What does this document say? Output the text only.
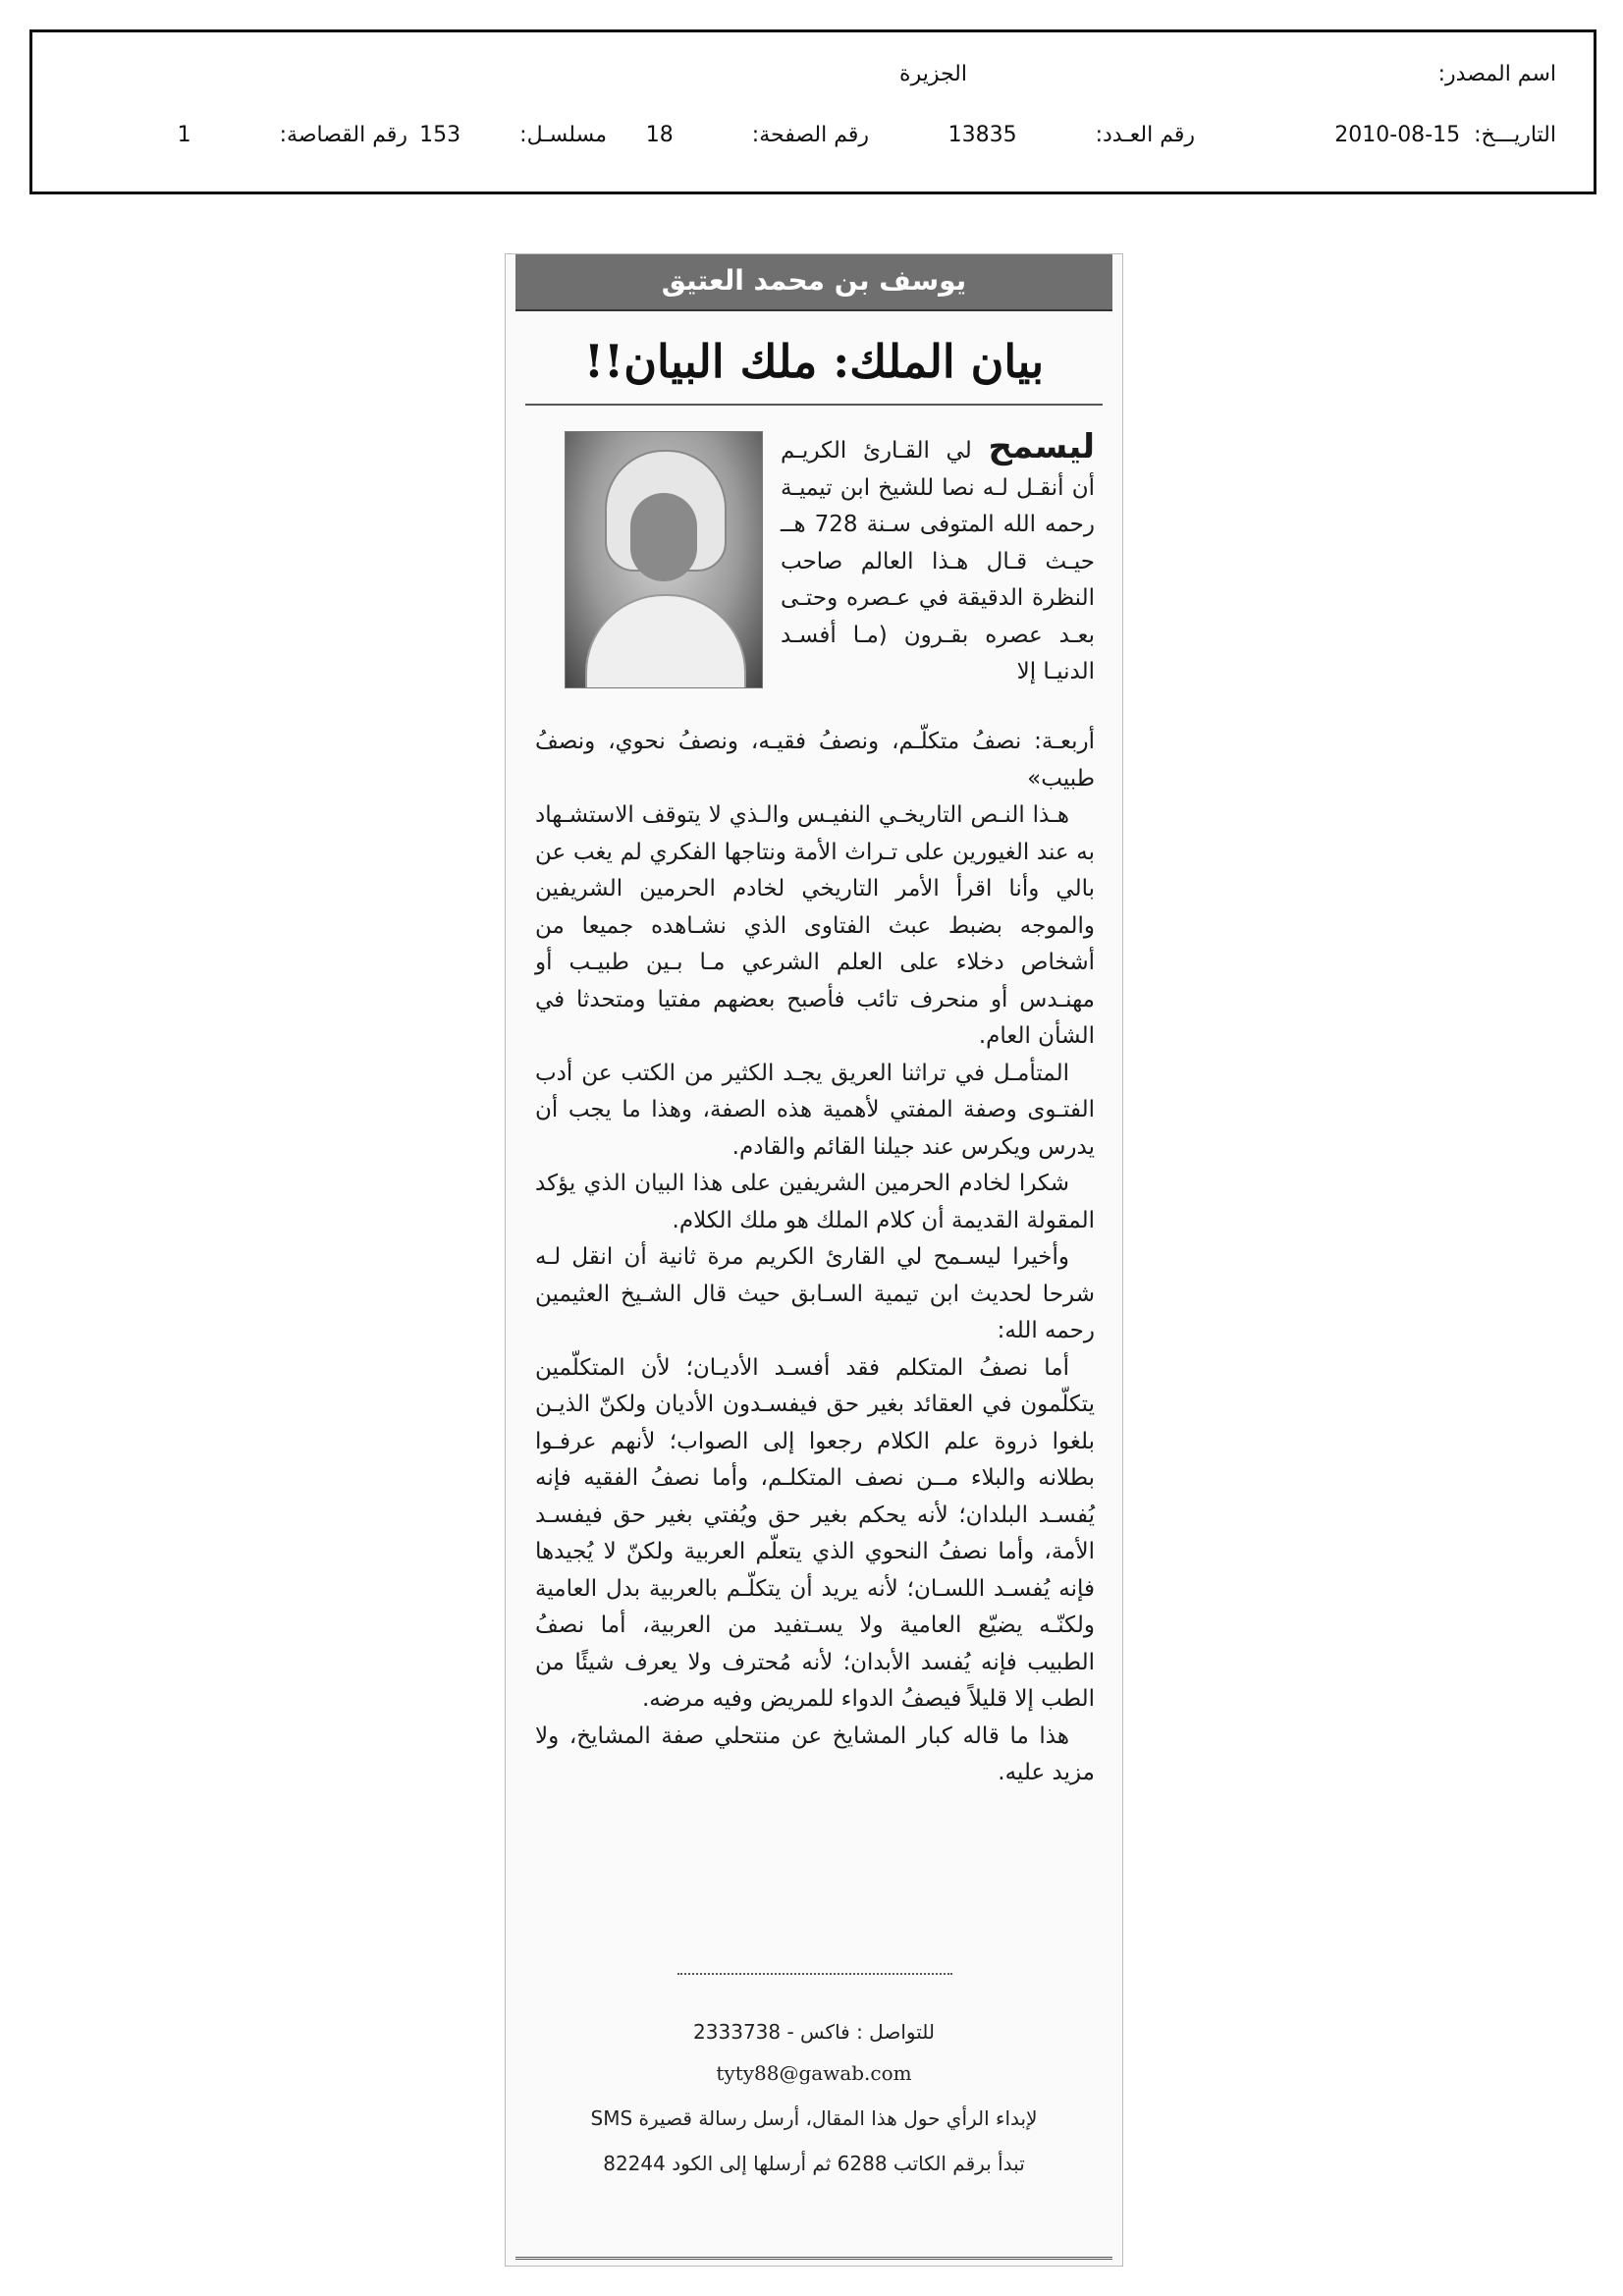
اسم المصدر:
الجزيرة
التاريـــخ:15-08-2010
رقم العـدد:13835
رقم الصفحة:18
مسلسـل:153
رقم القصاصة:1
يوسف بن محمد العتيق
بيان الملك: ملك البيان!!

ليسمح لي القـارئ الكريـم أن أنقـل لـه نصا للشيخ ابن تيميـة رحمه الله المتوفى سـنة 728 هــ حيـث قـال هـذا العالم صاحب النظرة الدقيقة في عـصره وحتـى بعـد عصره بقـرون (مـا أفسـد الدنيـا إلا

أربعـة: نصفُ متكلّـم، ونصفُ فقيـه، ونصفُ نحوي، ونصفُ طبيب»

هـذا النـص التاريخـي النفيـس والـذي لا يتوقف الاستشـهاد به عند الغيورين على تـراث الأمة ونتاجها الفكري لم يغب عن بالي وأنا اقرأ الأمر التاريخي لخادم الحرمين الشريفين والموجه بضبط عبث الفتاوى الذي نشـاهده جميعا من أشخاص دخلاء على العلم الشرعي مـا بـين طبيـب أو مهنـدس أو منحرف تائب فأصبح بعضهم مفتيا ومتحدثا في الشأن العام.

المتأمـل في تراثنا العريق يجـد الكثير من الكتب عن أدب الفتـوى وصفة المفتي لأهمية هذه الصفة، وهذا ما يجب أن يدرس ويكرس عند جيلنا القائم والقادم.

شكرا لخادم الحرمين الشريفين على هذا البيان الذي يؤكد المقولة القديمة أن كلام الملك هو ملك الكلام.

وأخيرا ليسـمح لي القارئ الكريم مرة ثانية أن انقل لـه شرحا لحديث ابن تيمية السـابق حيث قال الشـيخ العثيمين رحمه الله:

أما نصفُ المتكلم فقد أفسـد الأديـان؛ لأن المتكلّمين يتكلّمون في العقائد بغير حق فيفسـدون الأديان ولكنّ الذيـن بلغوا ذروة علم الكلام رجعوا إلى الصواب؛ لأنهم عرفـوا بطلانه والبلاء مــن نصف المتكلـم، وأما نصفُ الفقيه فإنه يُفسـد البلدان؛ لأنه يحكم بغير حق ويُفتي بغير حق فيفسـد الأمة، وأما نصفُ النحوي الذي يتعلّم العربية ولكنّ لا يُجيدها فإنه يُفسـد اللسـان؛ لأنه يريد أن يتكلّـم بالعربية بدل العامية ولكنّـه يضيّع العامية ولا يسـتفيد من العربية، أما نصفُ الطبيب فإنه يُفسد الأبدان؛ لأنه مُحترف ولا يعرف شيئًا من الطب إلا قليلاً فيصفُ الدواء للمريض وفيه مرضه.

هذا ما قاله كبار المشايخ عن منتحلي صفة المشايخ، ولا مزيد عليه.

للتواصل : فاكس - 2333738
tyty88@gawab.com
لإبداء الرأي حول هذا المقال، أرسل رسالة قصيرة SMS
تبدأ برقم الكاتب 6288 ثم أرسلها إلى الكود 82244
